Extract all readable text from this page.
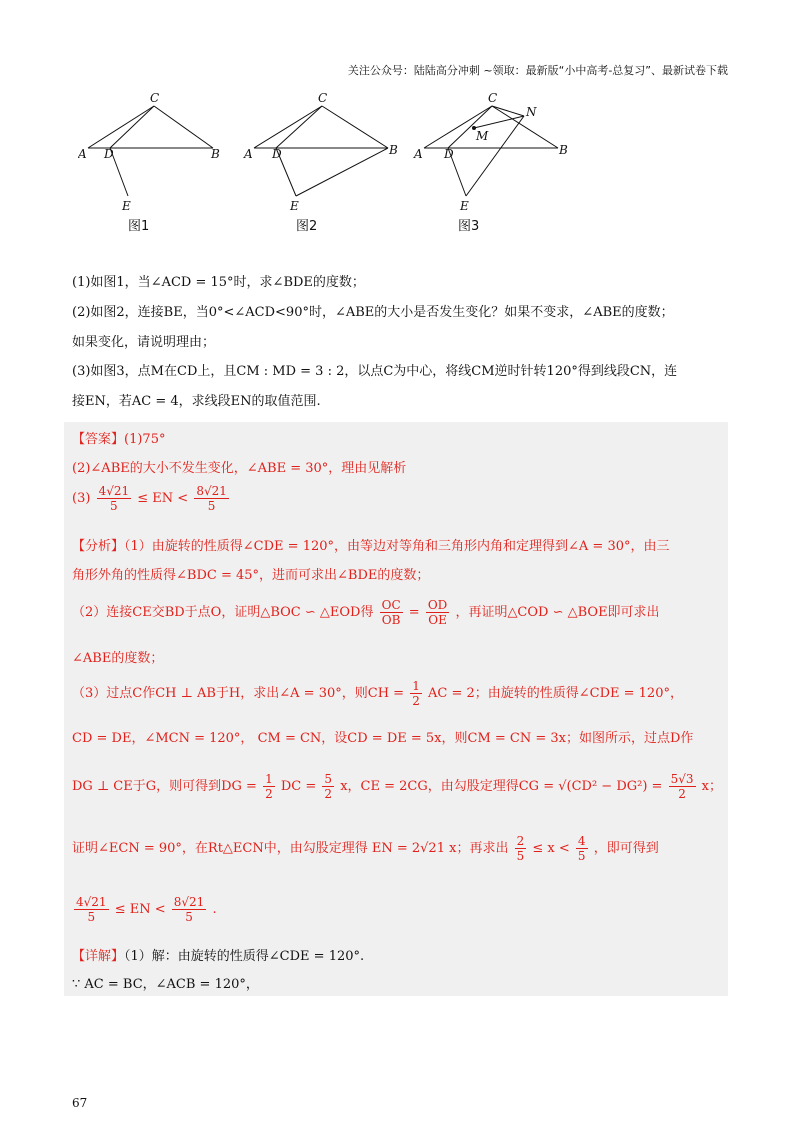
关注公众号：陆陆高分冲刺 ~领取：最新版“小中高考-总复习”、最新试卷下载
C
A D	B
E
C
A D	B
E
C
A D	B
E
M
N
图1	图2	图3
(1)如图1，当∠ACD = 15°时，求∠BDE的度数；
(2)如图2，连接BE，当0°<∠ACD<90°时，∠ABE的大小是否发生变化？如果不变求，∠ABE的度数；
如果变化，请说明理由；
(3)如图3，点M在CD上，且CM : MD = 3 : 2，以点C为中心，将线CM逆时针转120°得到线段CN，连
接EN，若AC = 4，求线段EN的取值范围.
【答案】(1)75°
(2)∠ABE的大小不发生变化，∠ABE = 30°，理由见解析
$(3) \frac{4√21}{5}$ ≤ EN < $\frac{8√21}{5}$
【分析】（1）由旋转的性质得∠CDE = 120°，由等边对等角和三角形内角和定理得到∠A = 30°，由三
角形外角的性质得∠BDC = 45°，进而可求出∠BDE的度数；
（2）连接CE交BD于点O，证明△BOC ∽ △EOD得 $\frac{OC}{OB} = \frac{OD}{OE}$ ，再证明△COD ∽ △BOE即可求出
∠ABE的度数；
（3）过点C作CH ⊥ AB于H，求出∠A = 30°，则CH = $\frac{1}{2}$ AC = 2；由旋转的性质得∠CDE = 120°，
CD = DE，∠MCN = 120°， CM = CN，设CD = DE = 5x，则CM = CN = 3x；如图所示，过点D作
DG ⊥ CE于G，则可得到DG = $\frac{1}{2}$ DC = $\frac{5}{2}$ x，CE = 2CG，由勾股定理得CG = $√(CD^2 - DG^2) = \frac{5√3}{2}$ x；
证明∠ECN = 90°，在Rt△ECN中，由勾股定理得 EN = 2√21 x；再求出 $\frac{2}{5} \le x < \frac{4}{5}$ ，即可得到
$\frac{4√21}{5}$ ≤ EN < $\frac{8√21}{5}$ .
【详解】（1）解：由旋转的性质得∠CDE = 120°.
∵ AC = BC，∠ACB = 120°，
67
